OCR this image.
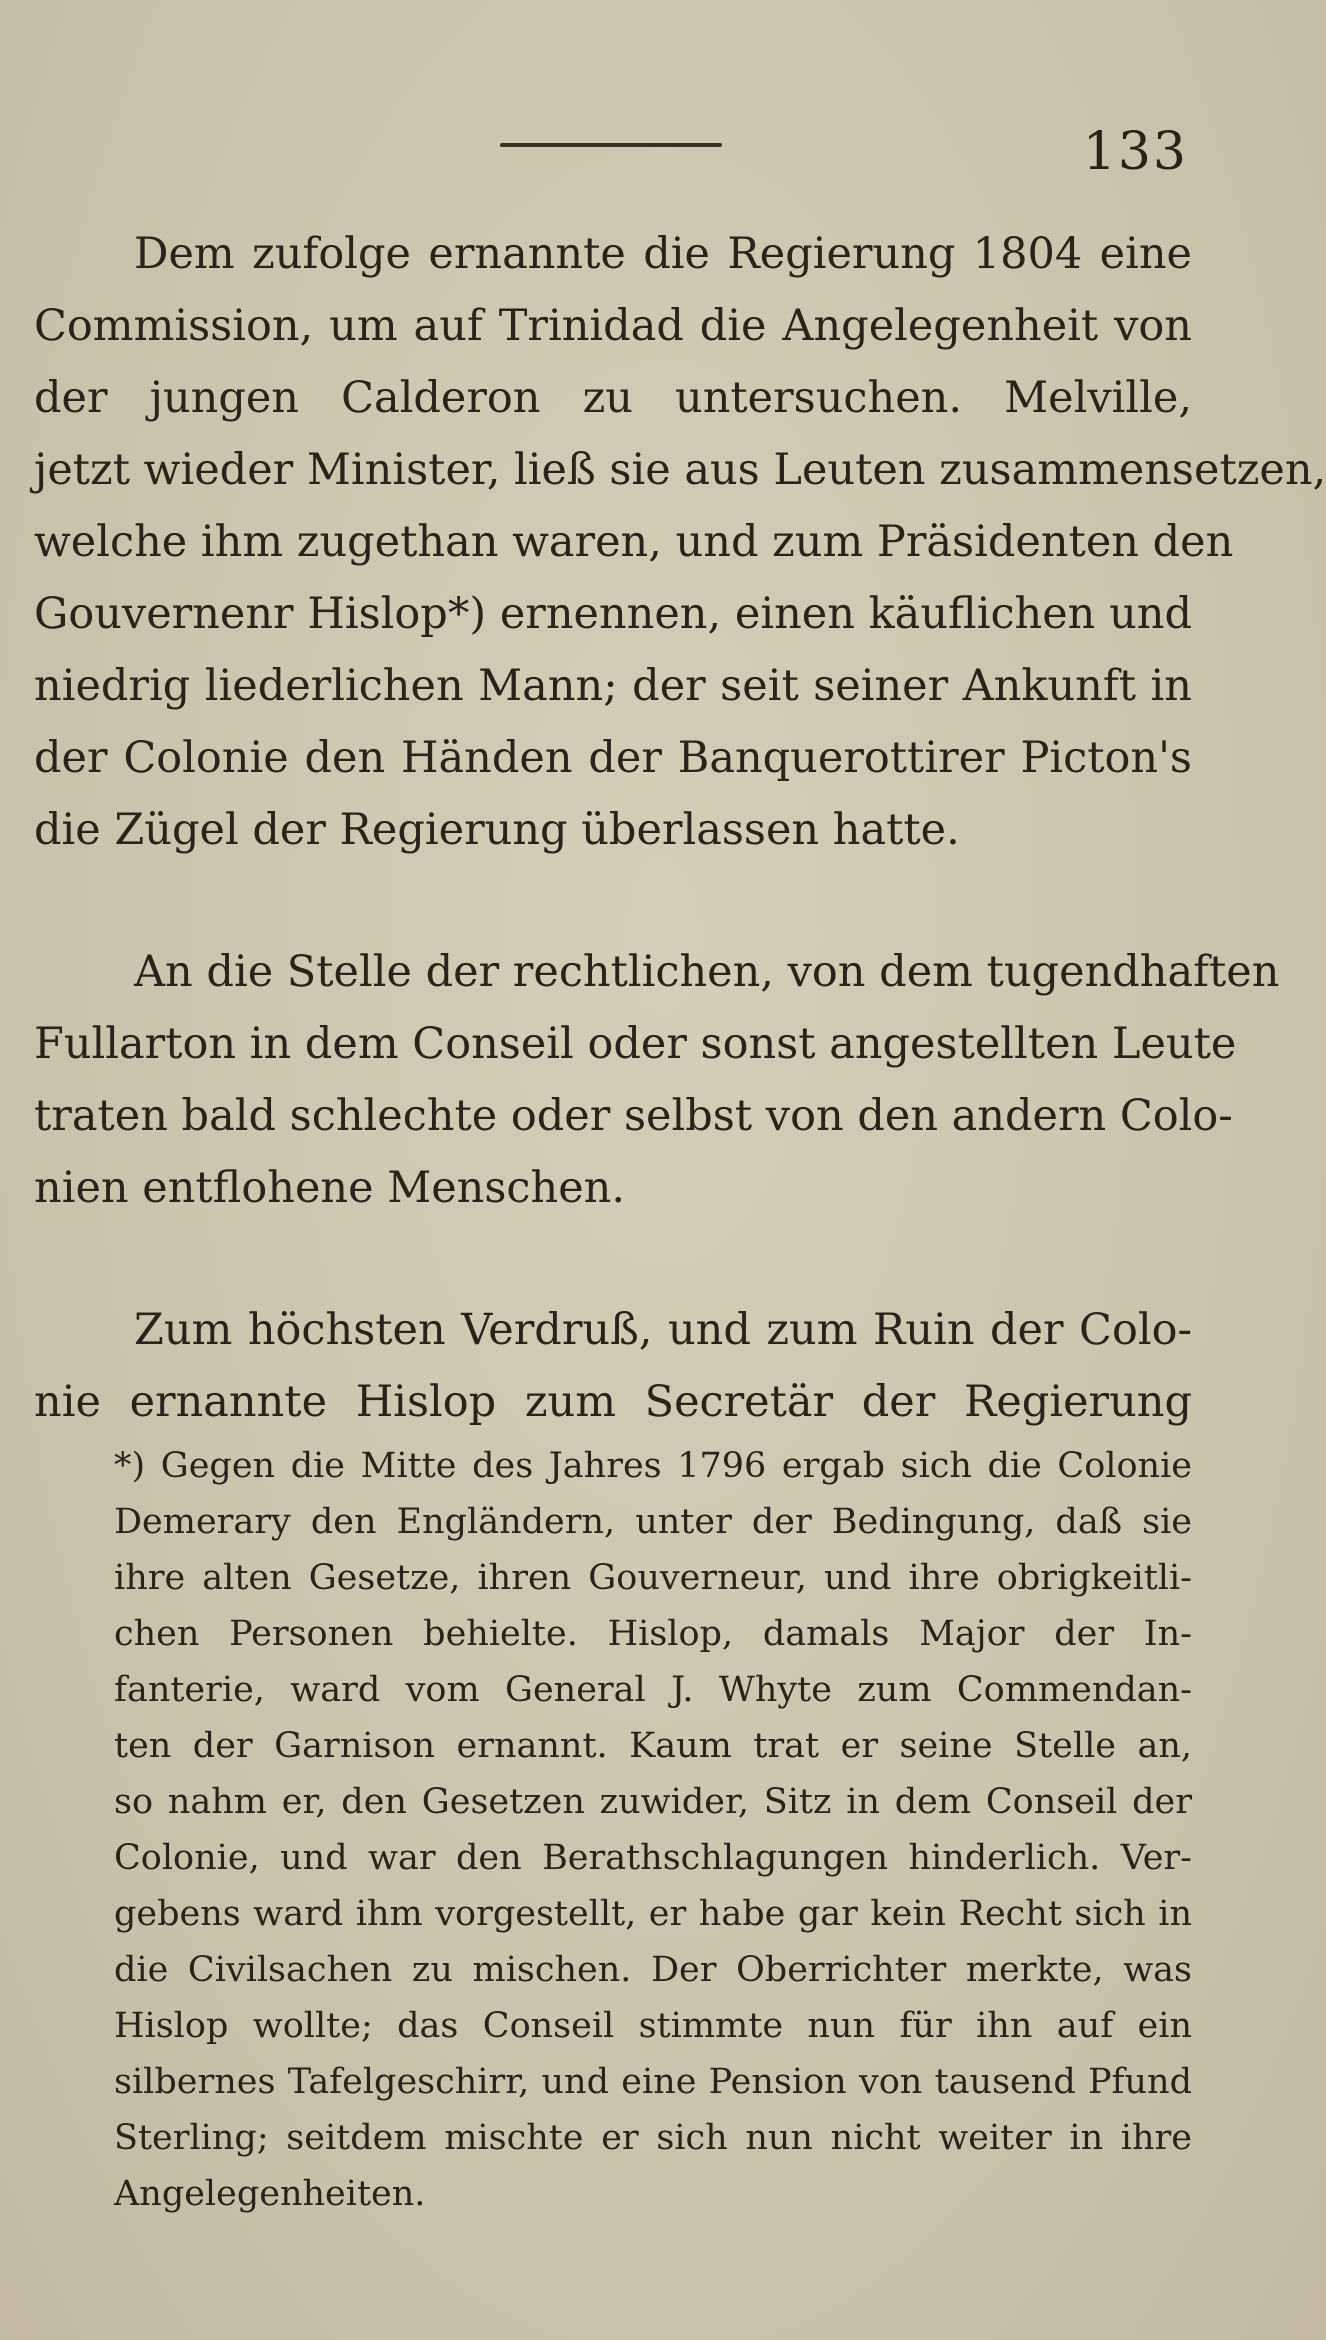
133
Dem zufolge ernannte die Regierung 1804 eine
Commission, um auf Trinidad die Angelegenheit von
der jungen Calderon zu untersuchen. Melville,
jetzt wieder Minister, ließ sie aus Leuten zusammensetzen,
welche ihm zugethan waren, und zum Präsidenten den
Gouvernenr Hislop*) ernennen, einen käuflichen und
niedrig liederlichen Mann; der seit seiner Ankunft in
der Colonie den Händen der Banquerottirer Picton's
die Zügel der Regierung überlassen hatte.
An die Stelle der rechtlichen, von dem tugendhaften
Fullarton in dem Conseil oder sonst angestellten Leute
traten bald schlechte oder selbst von den andern Colo-
nien entflohene Menschen.
Zum höchsten Verdruß, und zum Ruin der Colo-
nie ernannte Hislop zum Secretär der Regierung
*) Gegen die Mitte des Jahres 1796 ergab sich die Colonie
Demerary den Engländern, unter der Bedingung, daß sie
ihre alten Gesetze, ihren Gouverneur, und ihre obrigkeitli-
chen Personen behielte. Hislop, damals Major der In-
fanterie, ward vom General J. Whyte zum Commendan-
ten der Garnison ernannt. Kaum trat er seine Stelle an,
so nahm er, den Gesetzen zuwider, Sitz in dem Conseil der
Colonie, und war den Berathschlagungen hinderlich. Ver-
gebens ward ihm vorgestellt, er habe gar kein Recht sich in
die Civilsachen zu mischen. Der Oberrichter merkte, was
Hislop wollte; das Conseil stimmte nun für ihn auf ein
silbernes Tafelgeschirr, und eine Pension von tausend Pfund
Sterling; seitdem mischte er sich nun nicht weiter in ihre
Angelegenheiten.
